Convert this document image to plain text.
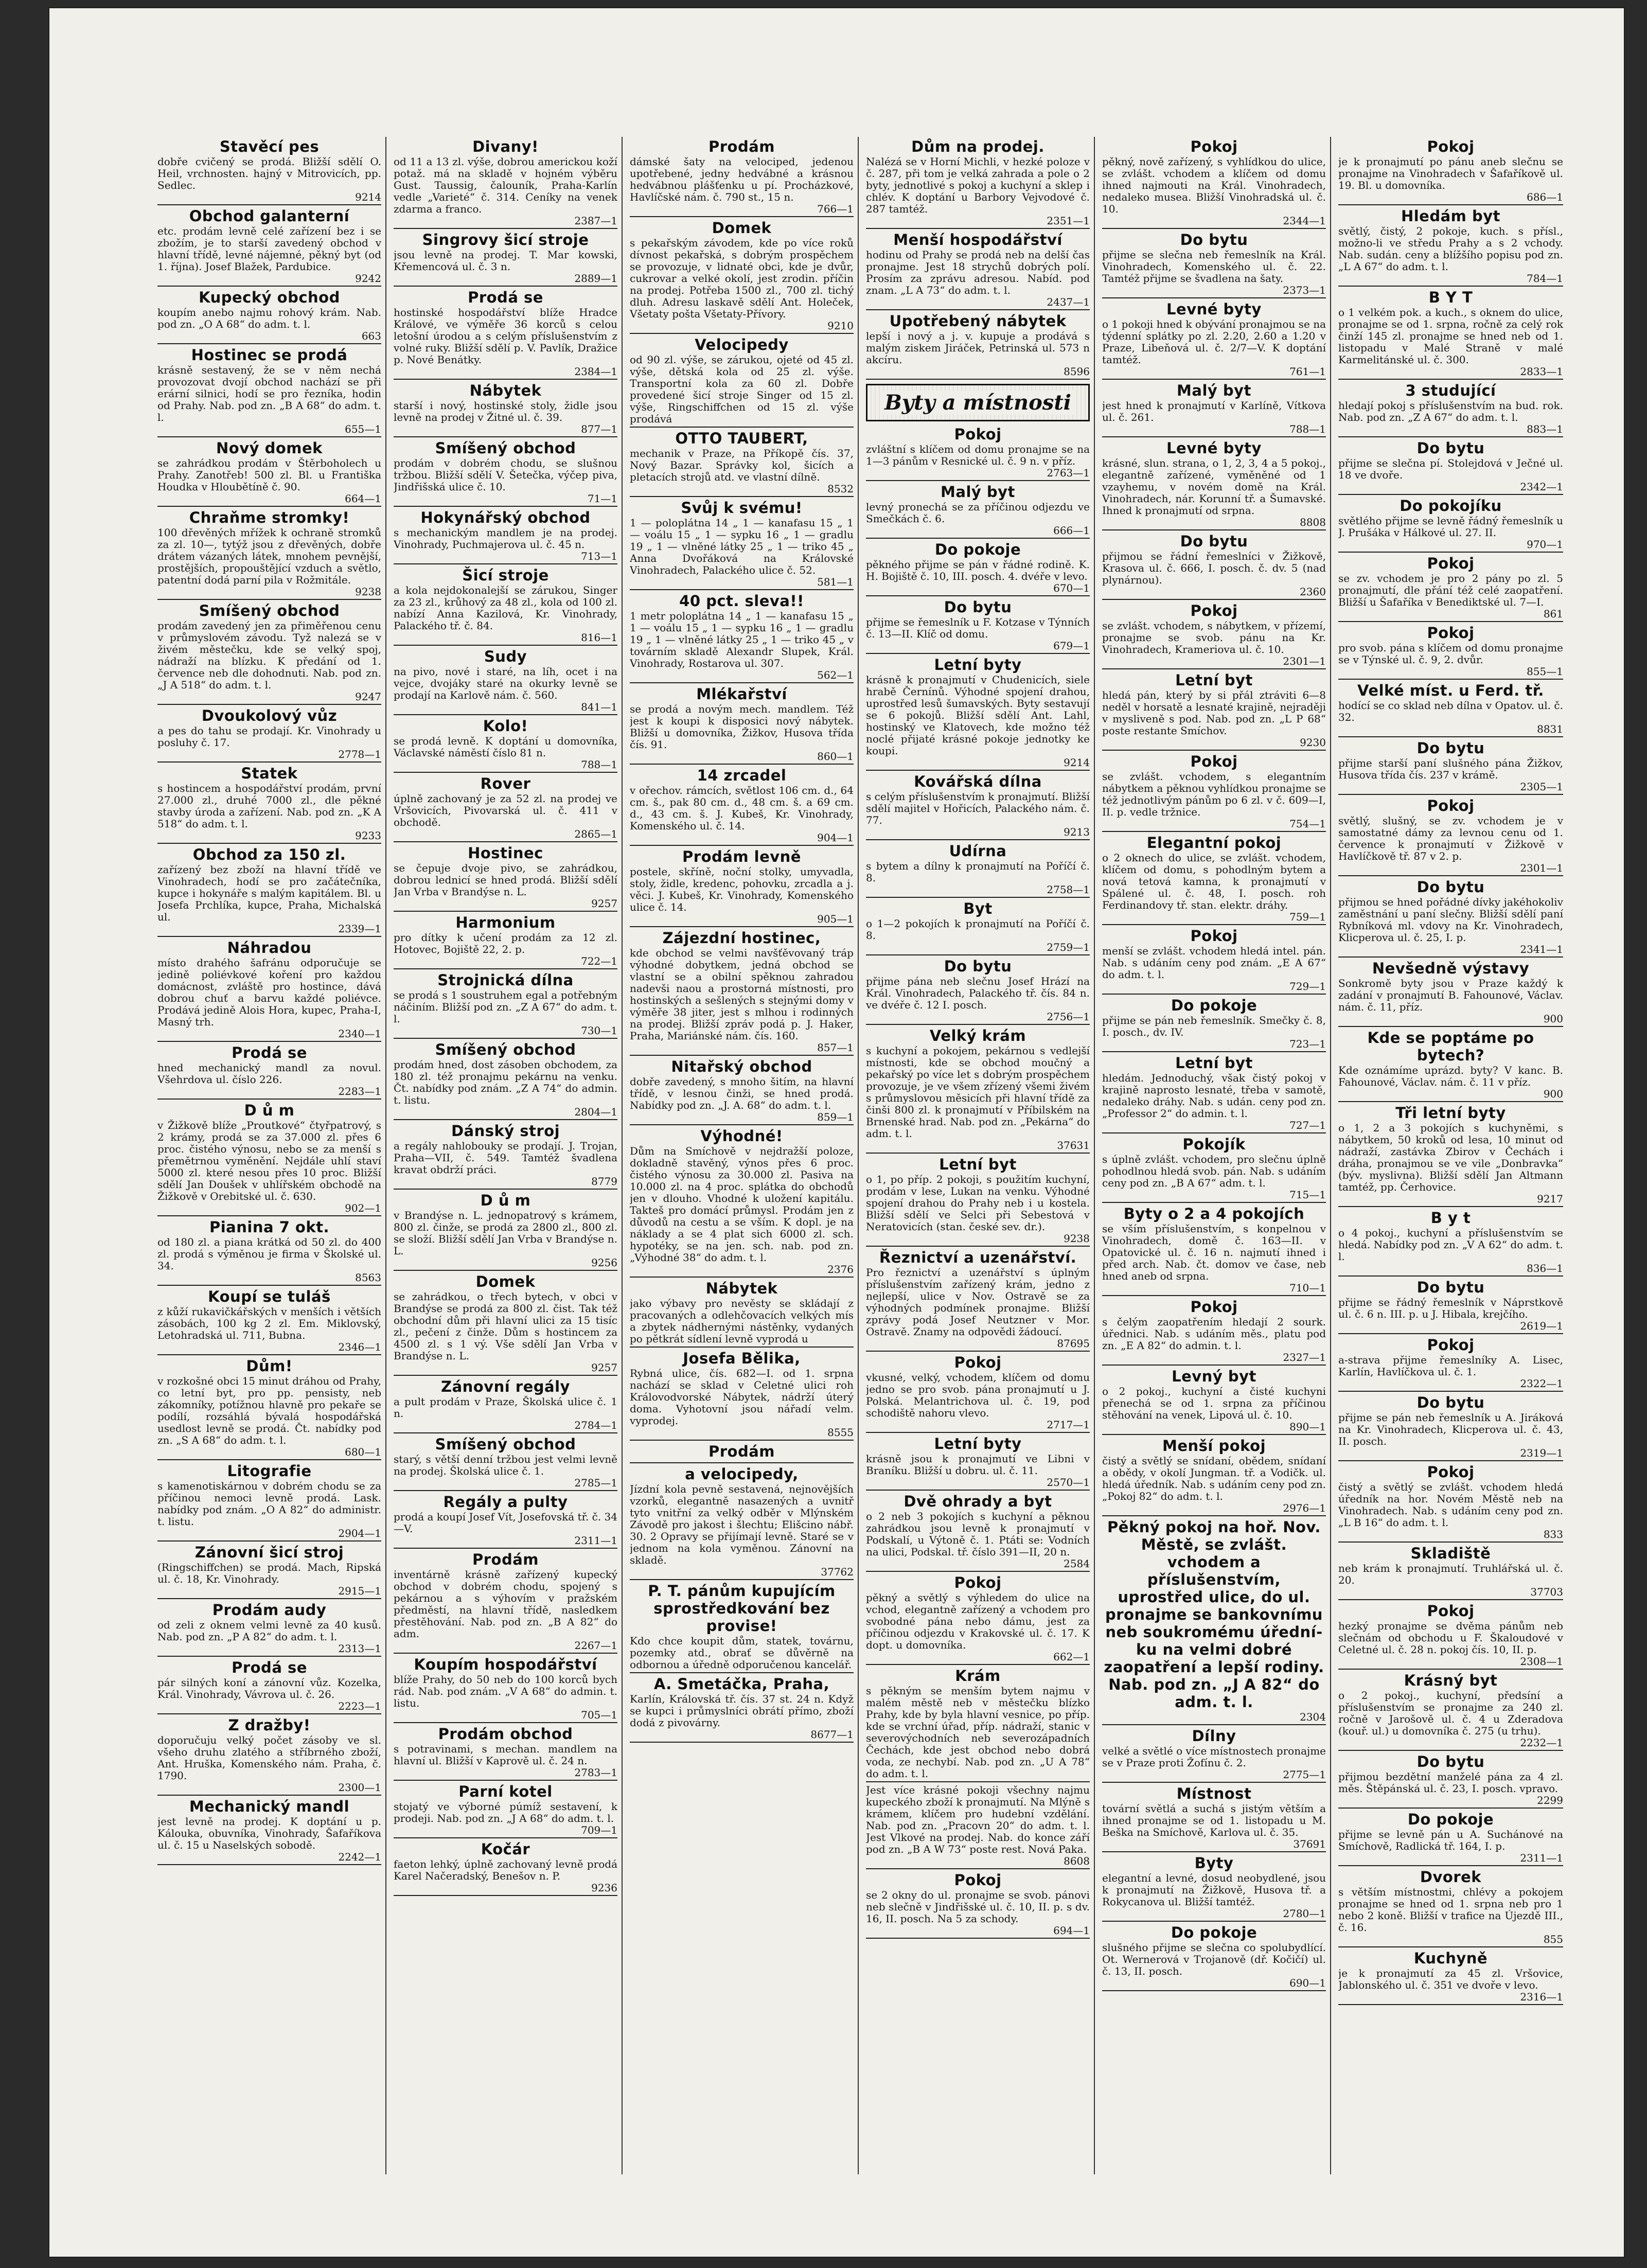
Stavěcí pes

dobře cvičený se prodá. Bližší sdělí O. Heil, vrchnosten. hajný v Mitrovicích, pp. Sedlec.

9214
Obchod galanterní

etc. prodám levně celé zařízení bez i se zbožím, je to starší zavedený obchod v hlavní třídě, levné nájemné, pěkný byt (od 1. října). Josef Blažek, Pardubice.

9242
Kupecký obchod

koupím anebo najmu rohový krám. Nab. pod zn. „O A 68“ do adm. t. l.

663
Hostinec se prodá

krásně sestavený, že se v něm nechá provozovat dvojí obchod nachází se při erární silnici, hodí se pro řezníka, hodin od Prahy. Nab. pod zn. „B A 68“ do adm. t. l.

655—1
Nový domek

se zahrádkou prodám v Štěrboholech u Prahy. Zanotřeb! 500 zl. Bl. u Františka Houdka v Hloubětíně č. 90.

664—1
Chraňme stromky!

100 dřevěných mřížek k ochraně stromků za zl. 10—, tytýž jsou z dřevěných, dobře drátem vázaných látek, mnohem pevnější, prostějších, propouštějící vzduch a světlo, patentní dodá parní pila v Rožmitále.

9238
Smíšený obchod

prodám zavedený jen za přiměřenou cenu v průmyslovém závodu. Tyž nalezá se v živém městečku, kde se velký spoj, nádraží na blízku. K předání od 1. července neb dle dohodnuti. Nab. pod zn. „J A 518“ do adm. t. l.

9247
Dvoukolový vůz

a pes do tahu se prodají. Kr. Vinohrady u posluhy č. 17.

2778—1
Statek

s hostincem a hospodářství prodám, první 27.000 zl., druhé 7000 zl., dle pěkné stavby úroda a zařízení. Nab. pod zn. „K A 518“ do adm. t. l.

9233
Obchod za 150 zl.

zařízený bez zboží na hlavní třídě ve Vinohradech, hodí se pro začátečníka, kupce i hokynáře s malým kapitálem. Bl. u Josefa Prchlíka, kupce, Praha, Michalská ul.

2339—1
Náhradou

místo drahého šafránu odporučuje se jedině poliévkové koření pro každou domácnost, zvláště pro hostince, dává dobrou chuť a barvu každé poliévce. Prodává jedině Alois Hora, kupec, Praha-I, Masný trh.

2340—1
Prodá se

hned mechanický mandl za novul. Všehrdova ul. číslo 226.

2283—1
D ů m

v Žižkově blíže „Proutkové“ čtyřpatrový, s 2 krámy, prodá se za 37.000 zl. přes 6 proc. čistého výnosu, nebo se za menší s přemětrnou vyměnění. Nejdále uhlí staví 5000 zl. které nesou přes 10 proc. Bližší sdělí Jan Doušek v uhlířském obchodě na Žižkově v Orebitské ul. č. 630.

902—1
Pianina 7 okt.

od 180 zl. a piana krátká od 50 zl. do 400 zl. prodá s výměnou je firma v Školské ul. 34.

8563
Koupí se tuláš

z kůží rukavičkářských v menších i větších zásobách, 100 kg 2 zl. Em. Miklovský, Letohradská ul. 711, Bubna.

2346—1
Dům!

v rozkošné obci 15 minut dráhou od Prahy, co letní byt, pro pp. pensisty, neb zákomníky, potížnou hlavně pro pekaře se podílí, rozsáhlá bývalá hospodářská usedlost levně se prodá. Čt. nabídky pod zn. „S A 68“ do adm. t. l.

680—1
Litografie

s kamenotiskárnou v dobrém chodu se za příčinou nemoci levně prodá. Lask. nabídky pod znám. „O A 82“ do administr. t. listu.

2904—1
Zánovní šicí stroj

(Ringschiffchen) se prodá. Mach, Ripská ul. č. 18, Kr. Vinohrady.

2915—1
Prodám audy

od zeli z oknem velmi levně za 40 kusů. Nab. pod zn. „P A 82“ do adm. t. l.

2313—1
Prodá se

pár silných koní a zánovní vůz. Kozelka, Král. Vinohrady, Vávrova ul. č. 26.

2223—1
Z dražby!

doporučuju velký počet zásoby ve sl. všeho druhu zlatého a stříbrného zboží, Ant. Hruška, Komenského nám. Praha, č. 1790.

2300—1
Mechanický mandl

jest levně na prodej. K doptání u p. Kálouka, obuvníka, Vinohrady, Šafaříkova ul. č. 15 u Naselských sobodě.

2242—1
Divany!

od 11 a 13 zl. výše, dobrou americkou koží potaž. má na skladě v hojném výběru Gust. Taussig, čalouník, Praha-Karlín vedle „Varieté“ č. 314. Ceníky na venek zdarma a franco.

2387—1
Singrovy šicí stroje

jsou levně na prodej. T. Mar kowski, Křemencová ul. č. 3 n.

2889—1
Prodá se

hostinské hospodářství blíže Hradce Králové, ve výměře 36 korců s celou letošní úrodou a s celým příslušenstvím z volné ruky. Bližší sdělí p. V. Pavlík, Dražice p. Nové Benátky.

2384—1
Nábytek

starší i nový, hostinské stoly, židle jsou levně na prodej v Žitné ul. č. 39.

877—1
Smíšený obchod

prodám v dobrém chodu, se slušnou tržbou. Bližší sdělí V. Šetečka, výčep piva, Jindřišská ulice č. 10.

71—1
Hokynářský obchod

s mechanickým mandlem je na prodej. Vinohrady, Puchmajerova ul. č. 45 n.

713—1
Šicí stroje

a kola nejdokonalejší se zárukou, Singer za 23 zl., krůhový za 48 zl., kola od 100 zl. nabízí Anna Kazilová, Kr. Vinohrady, Palackého tř. č. 84.

816—1
Sudy

na pivo, nové i staré, na líh, ocet i na vejce, dvojáky staré na okurky levně se prodají na Karlově nám. č. 560.

841—1
Kolo!

se prodá levně. K doptání u domovníka, Václavské náměstí číslo 81 n.

788—1
Rover

úplně zachovaný je za 52 zl. na prodej ve Vršovicích, Pivovarská ul. č. 411 v obchodě.

2865—1
Hostinec

se čepuje dvoje pivo, se zahrádkou, dobrou lednicí se hned prodá. Bližší sdělí Jan Vrba v Brandýse n. L.

9257
Harmonium

pro dítky k učení prodám za 12 zl. Hotovec, Bojiště 22, 2. p.

722—1
Strojnická dílna

se prodá s 1 soustruhem egal a potřebným náčiním. Bližší pod zn. „Z A 67“ do adm. t. l.

730—1
Smíšený obchod

prodám hned, dost zásoben obchodem, za 180 zl. též pronajmu pekárnu na venku. Čt. nabídky pod znám. „Z A 74“ do admin. t. listu.

2804—1
Dánský stroj

a regály nahlobouky se prodají. J. Trojan, Praha—VII, č. 549. Tamtéž švadlena kravat obdrží práci.

8779
D ů m

v Brandýse n. L. jednopatrový s krámem, 800 zl. činže, se prodá za 2800 zl., 800 zl. se složí. Bližší sdělí Jan Vrba v Brandýse n. L.

9256
Domek

se zahrádkou, o třech bytech, v obci v Brandýse se prodá za 800 zl. čist. Tak též obchodní dům při hlavní ulici za 15 tisíc zl., pečení z činže. Dům s hostincem za 4500 zl. s 1 vý. Vše sdělí Jan Vrba v Brandýse n. L.

9257
Zánovní regály

a pult prodám v Praze, Školská ulice č. 1 n.

2784—1
Smíšený obchod

starý, s větší denní tržbou jest velmi levně na prodej. Školská ulice č. 1.

2785—1
Regály a pulty

prodá a koupí Josef Vít, Josefovská tř. č. 34—V.

2311—1
Prodám

inventárně krásně zařízený kupecký obchod v dobrém chodu, spojený s pekárnou a s výhovím v pražském předměstí, na hlavní třídě, nasledkem přestěhování. Nab. pod zn. „B A 82“ do adm.

2267—1
Koupím hospodářství

blíže Prahy, do 50 neb do 100 korců bych rád. Nab. pod znám. „V A 68“ do admin. t. listu.

705—1
Prodám obchod

s potravinami, s mechan. mandlem na hlavní ul. Bližší v Kaprově ul. č. 24 n.

2783—1
Parní kotel

stojatý ve výborné púmíž sestavení, k prodeji. Nab. pod zn. „J A 68“ do adm. t. l.

709—1
Kočár

faeton lehký, úplně zachovaný levně prodá Karel Načeradský, Benešov n. P.

9236
Prodám

dámské šaty na velociped, jedenou upotřebené, jedny hedvábné a krásnou hedvábnou plášťenku u pí. Procházkové, Havlíčské nám. č. 790 st., 15 n.

766—1
Domek

s pekařským závodem, kde po více roků dívnost pekařská, s dobrým prospěchem se provozuje, v lidnaté obci, kde je dvůr, cukrovar a velké okolí, jest zrodin. příčin na prodej. Potřeba 1500 zl., 700 zl. tichý dluh. Adresu laskavě sdělí Ant. Holeček, Všetaty pošta Všetaty-Přívory.

9210
Velocipedy

od 90 zl. výše, se zárukou, ojeté od 45 zl. výše, dětská kola od 25 zl. výše. Transportní kola za 60 zl. Dobře provedené šicí stroje Singer od 15 zl. výše, Ringschiffchen od 15 zl. výše prodává

OTTO TAUBERT,

mechanik v Praze, na Příkopě čís. 37, Nový Bazar. Správky kol, šicích a pletacích strojů atd. ve vlastní dílně.

8532
Svůj k svému!

1 — poloplátna 14 „ 1 — kanafasu 15 „ 1 — voálu 15 „ 1 — sypku 16 „ 1 — gradlu 19 „ 1 — vlněné látky 25 „ 1 — triko 45 „ Anna Dvořáková na Královské Vinohradech, Palackého ulice č. 52.

581—1
40 pct. sleva!!

1 metr poloplátna 14 „ 1 — kanafasu 15 „ 1 — voálu 15 „ 1 — sypku 16 „ 1 — gradlu 19 „ 1 — vlněné látky 25 „ 1 — triko 45 „ v továrním skladě Alexandr Slupek, Král. Vinohrady, Rostarova ul. 307.

562—1
Mlékařství

se prodá a novým mech. mandlem. Též jest k koupi k disposici nový nábytek. Bližší u domovníka, Žižkov, Husova třída čís. 91.

860—1
14 zrcadel

v ořechov. rámcích, světlost 106 cm. d., 64 cm. š., pak 80 cm. d., 48 cm. š. a 69 cm. d., 43 cm. š. J. Kubeš, Kr. Vinohrady, Komenského ul. č. 14.

904—1
Prodám levně

postele, skříně, noční stolky, umyvadla, stoly, židle, kredenc, pohovku, zrcadla a j. věci. J. Kubeš, Kr. Vinohrady, Komenského ulice č. 14.

905—1
Zájezdní hostinec,

kde obchod se velmi navšťěvovaný tráp výhodné dobytkem, jedná obchod se vlastní se a obilní spěknou zahradou nadevši naou a prostorná místnosti, pro hostinských a sešlených s stejnými domy v výměře 38 jiter, jest s mlhou i rodinných na prodej. Bližší zpráv podá p. J. Haker, Praha, Mariánské nám. čís. 160.

857—1
Nitařský obchod

dobře zavedený, s mnoho šitím, na hlavní třídě, v lesnou činži, se hned prodá. Nabídky pod zn. „J. A. 68“ do adm. t. l.

859—1
Výhodné!

Dům na Smíchově v nejdražší poloze, dokladně stavěný, výnos přes 6 proc. čistého výnosu za 30.000 zl. Pasiva na 10.000 zl. na 4 proc. splátka do obchodů jen v dlouho. Vhodné k uložení kapitálu. Takteš pro domácí průmysl. Prodám jen z důvodů na cestu a se vším. K dopl. je na náklady a se 4 plat sich 6000 zl. sch. hypotéky, se na jen. sch. nab. pod zn. „Výhodné 38“ do adm. t. l.

2376
Nábytek

jako výbavy pro nevěsty se skládají z pracovaných a odlehčovacích velkých mís a zbytek nádhernými nástěnky, vydaných po pětkrát sídlení levně vyprodá u

Josefa Bělika,

Rybná ulice, čís. 682—I. od 1. srpna nachází se sklad v Celetné ulici roh Královodvorské Nábytek, nádrží úterý doma. Vyhotovní jsou nářadí velm. vyprodej.

8555
Prodám
a velocipedy,

Jízdní kola pevně sestavená, nejnovějších vzorků, elegantně nasazených a uvnitř tyto vnitřní za velký odběr v Mlýnském Závodě pro jakost i šlechtu; Elišcino nábř. 30. 2 Opravy se přijímají levně. Staré se v jednom na kola vyměnou. Zánovní na skladě.

37762
P. T. pánům kupujícím sprostředkování bez provise!

Kdo chce koupit dům, statek, továrnu, pozemky atd., obrať se důvěrně na odbornou a úředně odporučenou kancelář.

A. Smetáčka, Praha,

Karlín, Královská tř. čís. 37 st. 24 n. Když se kupci i průmyslníci obrátí přímo, zboží dodá z pivovárny.

8677—1
Dům na prodej.

Nalézá se v Horní Michli, v hezké poloze v č. 287, při tom je velká zahrada a pole o 2 byty, jednotlivé s pokoj a kuchyní a sklep i chlév. K doptání u Barbory Vejvodové č. 287 tamtéž.

2351—1
Menší hospodářství

hodinu od Prahy se prodá neb na delší čas pronajme. Jest 18 strychů dobrých polí. Prosím za zprávu adresou. Nabíd. pod znam. „L A 73“ do adm. t. l.

2437—1
Upotřebený nábytek

lepší i nový a j. v. kupuje a prodává s malým ziskem Jiráček, Petrinská ul. 573 n akcíru.

8596
Byty a místnosti
Pokoj

zvláštní s klíčem od domu pronajme se na 1—3 pánům v Resnické ul. č. 9 n. v příz.

2763—1
Malý byt

levný pronechá se za příčinou odjezdu ve Smečkách č. 6.

666—1
Do pokoje

pěkného přijme se pán v řádné rodině. K. H. Bojiště č. 10, III. posch. 4. dvéře v levo.

670—1
Do bytu

přijme se řemeslník u F. Kotzase v Týnních č. 13—II. Klíč od domu.

679—1
Letní byty

krásně k pronajmutí v Chudenicích, siele hrabě Černínů. Výhodné spojení drahou, uprostřed lesů šumavských. Byty sestavují se 6 pokojů. Bližší sdělí Ant. Lahl, hostinský ve Klatovech, kde možno též noclé přijaté krásné pokoje jednotky ke koupi.

9214
Kovářská dílna

s celým příslušenstvím k pronajmutí. Bližší sdělí majitel v Hořicích, Palackého nám. č. 77.

9213
Udírna

s bytem a dílny k pronajmutí na Poříčí č. 8.

2758—1
Byt

o 1—2 pokojích k pronajmutí na Poříčí č. 8.

2759—1
Do bytu

přijme pána neb slečnu Josef Hrází na Král. Vinohradech, Palackého tř. čís. 84 n. ve dvéře č. 12 I. posch.

2756—1
Velký krám

s kuchyní a pokojem, pekárnou s vedlejší místnosti, kde se obchod moučný a pekařský po více let s dobrým prospěchem provozuje, je ve všem zřízený všemi živém s průmyslovou měsicích při hlavní třídě za činši 800 zl. k pronajmutí v Příbilském na Brnenské hrad. Nab. pod zn. „Pekárna“ do adm. t. l.

37631
Letní byt

o 1, po příp. 2 pokoji, s použitím kuchyní, prodám v lese, Lukan na venku. Výhodné spojení drahou do Prahy neb i u kostela. Bližší sdělí ve Selci při Sebestová v Neratovicích (stan. české sev. dr.).

9238
Řeznictví a uzenářství.

Pro řeznictví a uzenářství s úplným příslušenstvím zařízený krám, jedno z nejlepší, ulice v Nov. Ostravě se za výhodných podmínek pronajme. Bližší zprávy podá Josef Neutzner v Mor. Ostravě. Znamy na odpovědi žádoucí.

87695
Pokoj

vkusné, velký, vchodem, klíčem od domu jedno se pro svob. pána pronajmutí u J. Polská. Melantrichova ul. č. 19, pod schodiště nahoru vlevo.

2717—1
Letní byty

krásně jsou k pronajmutí ve Libni v Braníku. Bližší u dobru. ul. č. 11.

2570—1
Dvě ohrady a byt

o 2 neb 3 pokojích s kuchyní a pěknou zahrádkou jsou levně k pronajmutí v Podskalí, u Výtoně č. 1. Ptáti se: Vodních na ulici, Podskal. tř. číslo 391—II, 20 n.

2584
Pokoj

pěkný a světlý s výhledem do ulice na vchod, elegantně zařízený a vchodem pro svobodné pána nebo dámu, jest za příčinou odjezdu v Krakovské ul. č. 17. K dopt. u domovníka.

662—1
Krám

s pěkným se menším bytem najmu v malém městě neb v městečku blízko Prahy, kde by byla hlavní vesnice, po příp. kde se vrchní úřad, příp. nádraží, stanic v severovýchodních neb severozápadních Čechách, kde jest obchod nebo dobrá voda, ze nechybí. Nab. pod zn. „U A 78“ do adm. t. l.

Jest více krásné pokoji všechny najmu kupeckého zboží k pronajmutí. Na Mlýně s krámem, klíčem pro hudební vzdělání. Nab. pod zn. „Pracovn 20“ do adm. t. l. Jest Vlkové na prodej. Nab. do konce září pod zn. „B A W 73“ poste rest. Nová Paka.

8608
Pokoj

se 2 okny do ul. pronajme se svob. pánovi neb slečně v Jindřišské ul. č. 10, II. p. s dv. 16, II. posch. Na 5 za schody.

694—1
Pokoj

pěkný, nově zařízený, s vyhlídkou do ulice, se zvlášt. vchodem a klíčem od domu ihned najmouti na Král. Vinohradech, nedaleko musea. Bližší Vinohradská ul. č. 10.

2344—1
Do bytu

přijme se slečna neb řemeslník na Král. Vinohradech, Komenského ul. č. 22. Tamtéž přijme se švadlena na šaty.

2373—1
Levné byty

o 1 pokoji hned k obývání pronajmou se na týdenní splátky po zl. 2.20, 2.60 a 1.20 v Praze, Libeňová ul. č. 2/7—V. K doptání tamtéž.

761—1
Malý byt

jest hned k pronajmutí v Karlíně, Vítkova ul. č. 261.

788—1
Levné byty

krásné, slun. strana, o 1, 2, 3, 4 a 5 pokoj., elegantně zařízené, vyměněné od 1 vzayhemu, v novém domě na Král. Vinohradech, nár. Korunní tř. a Šumavské. Ihned k pronajmutí od srpna.

8808
Do bytu

přijmou se řádní řemeslníci v Žižkově, Krasova ul. č. 666, I. posch. č. dv. 5 (nad plynárnou).

2360
Pokoj

se zvlášt. vchodem, s nábytkem, v přízemí, pronajme se svob. pánu na Kr. Vinohradech, Krameriova ul. č. 10.

2301—1
Letní byt

hledá pán, který by si přál ztráviti 6—8 neděl v horsatě a lesnaté krajině, nejraději v mysliveně s pod. Nab. pod zn. „L P 68“ poste restante Smíchov.

9230
Pokoj

se zvlášt. vchodem, s elegantním nábytkem a pěknou vyhlídkou pronajme se též jednotlivým pánům po 6 zl. v č. 609—I, II. p. vedle tržnice.

754—1
Elegantní pokoj

o 2 oknech do ulice, se zvlášt. vchodem, klíčem od domu, s pohodlným bytem a nová tetová kamna, k pronajmutí v Spálené ul. č. 48, I. posch. roh Ferdinandovy tř. stan. elektr. dráhy.

759—1
Pokoj

menší se zvlášt. vchodem hledá intel. pán. Nab. s udáním ceny pod znám. „E A 67“ do adm. t. l.

729—1
Do pokoje

přijme se pán neb řemeslník. Smečky č. 8, I. posch., dv. IV.

723—1
Letní byt

hledám. Jednoduchý, však čistý pokoj v krajině naprosto lesnaté, třeba v samotě, nedaleko dráhy. Nab. s udán. ceny pod zn. „Professor 2“ do admin. t. l.

727—1
Pokojík

s úplně zvlášt. vchodem, pro slečnu úplně pohodlnou hledá svob. pán. Nab. s udáním ceny pod zn. „B A 67“ adm. t. l.

715—1
Byty o 2 a 4 pokojích

se vším příslušenstvím, s konpelnou v Vinohradech, domě č. 163—II. v Opatovické ul. č. 16 n. najmutí ihned i před arch. Nab. čt. domov ve čase, neb hned aneb od srpna.

710—1
Pokoj

s čelým zaopatřením hledají 2 sourk. úřednici. Nab. s udáním měs., platu pod zn. „E A 82“ do admin. t. l.

2327—1
Levný byt

o 2 pokoj., kuchyní a čisté kuchyni přenechá se od 1. srpna za příčinou stěhování na venek, Lipová ul. č. 10.

890—1
Menší pokoj

čistý a světlý se snídaní, obědem, snídaní a obědy, v okolí Jungman. tř. a Vodičk. ul. hledá úředník. Nab. s udáním ceny pod zn. „Pokoj 82“ do adm. t. l.

2976—1
Pěkný pokoj na hoř. Nov. Městě, se zvlášt. vchodem a příslušenstvím, uprostřed ulice, do ul. pronajme se bankovnímu neb soukromému úřední-ku na velmi dobré zaopatření a lepší rodiny. Nab. pod zn. „J A 82“ do adm. t. l.
2304
Dílny

velké a světlé o více místnostech pronajme se v Praze proti Žofínu č. 2.

2775—1
Místnost

tovární světlá a suchá s jistým větším a ihned pronajme se od 1. listopadu u M. Beška na Smíchově, Karlova ul. č. 35.

37691
Byty

elegantní a levné, dosud neobydlené, jsou k pronajmutí na Žižkově, Husova tř. a Rokycanova ul. Bližší tamtéž.

2780—1
Do pokoje

slušného přijme se slečna co spolubydlící. Ot. Wernerová v Trojanově (dř. Kočičí) ul. č. 13, II. posch.

690—1
Pokoj

je k pronajmutí po pánu aneb slečnu se pronajme na Vinohradech v Šafaříkově ul. 19. Bl. u domovníka.

686—1
Hledám byt

světlý, čistý, 2 pokoje, kuch. s přísl., možno-li ve středu Prahy a s 2 vchody. Nab. sudán. ceny a blížšího popisu pod zn. „L A 67“ do adm. t. l.

784—1
B Y T

o 1 velkém pok. a kuch., s oknem do ulice, pronajme se od 1. srpna, ročně za celý rok činží 145 zl. pronajme se hned neb od 1. listopadu v Malé Straně v malé Karmelitánské ul. č. 300.

2833—1
3 studující

hledají pokoj s příslušenstvím na bud. rok. Nab. pod zn. „Z A 67“ do adm. t. l.

883—1
Do bytu

přijme se slečna pí. Stolejdová v Ječné ul. 18 ve dvoře.

2342—1
Do pokojíku

světlého přijme se levně řádný řemeslník u J. Prušáka v Hálkové ul. 27. II.

970—1
Pokoj

se zv. vchodem je pro 2 pány po zl. 5 pronajmutí, dle přání též celé zaopatření. Bližší u Šafaříka v Benediktské ul. 7—I.

861
Pokoj

pro svob. pána s klíčem od domu pronajme se v Týnské ul. č. 9, 2. dvůr.

855—1
Velké míst. u Ferd. tř.

hodící se co sklad neb dílna v Opatov. ul. č. 32.

8831
Do bytu

přijme starší paní slušného pána Žižkov, Husova třída čís. 237 v krámě.

2305—1
Pokoj

světlý, slušný, se zv. vchodem je v samostatné dámy za levnou cenu od 1. července k pronajmutí v Žižkově v Havlíčkově tř. 87 v 2. p.

2301—1
Do bytu

přijmou se hned pořádné dívky jakéhokoliv zaměstnání u paní slečny. Bližší sdělí paní Rybníková ml. vdovy na Kr. Vinohradech, Klicperova ul. č. 25, I. p.

2341—1
Nevšedně výstavy

Sonkromě byty jsou v Praze každý k zadání v pronajmutí B. Fahounové, Václav. nám. č. 11, příz.

900
Kde se poptáme po bytech?

Kde oznámíme uprázd. byty? V kanc. B. Fahounové, Václav. nám. č. 11 v příz.

900
Tři letní byty

o 1, 2 a 3 pokojích s kuchyněmi, s nábytkem, 50 kroků od lesa, 10 minut od nádraží, zastávka Zbirov v Čechách i dráha, pronajmou se ve vile „Donbravka“ (býv. myslivna). Bližší sdělí Jan Altmann tamtéž, pp. Čerhovice.

9217
B y t

o 4 pokoj., kuchyní a příslušenstvím se hledá. Nabídky pod zn. „V A 62“ do adm. t. l.

836—1
Do bytu

přijme se řádný řemeslník v Náprstkově ul. č. 6 n. III. p. u J. Hibala, krejčího.

2619—1
Pokoj

a-strava přijme řemeslníky A. Lisec, Karlín, Havlíčkova ul. č. 1.

2322—1
Do bytu

přijme se pán neb řemeslník u A. Jiráková na Kr. Vinohradech, Klicperova ul. č. 43, II. posch.

2319—1
Pokoj

čistý a světlý se zvlášt. vchodem hledá úředník na hor. Novém Městě neb na Vinohradech. Nab. s udáním ceny pod zn. „L B 16“ do adm. t. l.

833
Skladiště

neb krám k pronajmutí. Truhlářská ul. č. 20.

37703
Pokoj

hezký pronajme se dvěma pánům neb slečnám od obchodu u F. Škaloudové v Celetné ul. č. 28 n. pokoj čís. 10, II. p.

2308—1
Krásný byt

o 2 pokoj., kuchyní, předsíní a příslušenstvím se pronajme za 240 zl. ročně v Jarošově ul. č. 4 u Zderadova (kouř. ul.) u domovníka č. 275 (u trhu).

2232—1
Do bytu

přijmou bezdětní manželé pána za 4 zl. měs. Štěpánská ul. č. 23, I. posch. vpravo.

2299
Do pokoje

přijme se levně pán u A. Suchánové na Smíchově, Radlická tř. 164, I. p.

2311—1
Dvorek

s větším místnostmi, chlévy a pokojem pronajme se hned od 1. srpna neb pro 1 nebo 2 koně. Bližší v trafice na Újezdě III., č. 16.

855
Kuchyně

je k pronajmutí za 45 zl. Vršovice, Jablonského ul. č. 351 ve dvoře v levo.

2316—1
